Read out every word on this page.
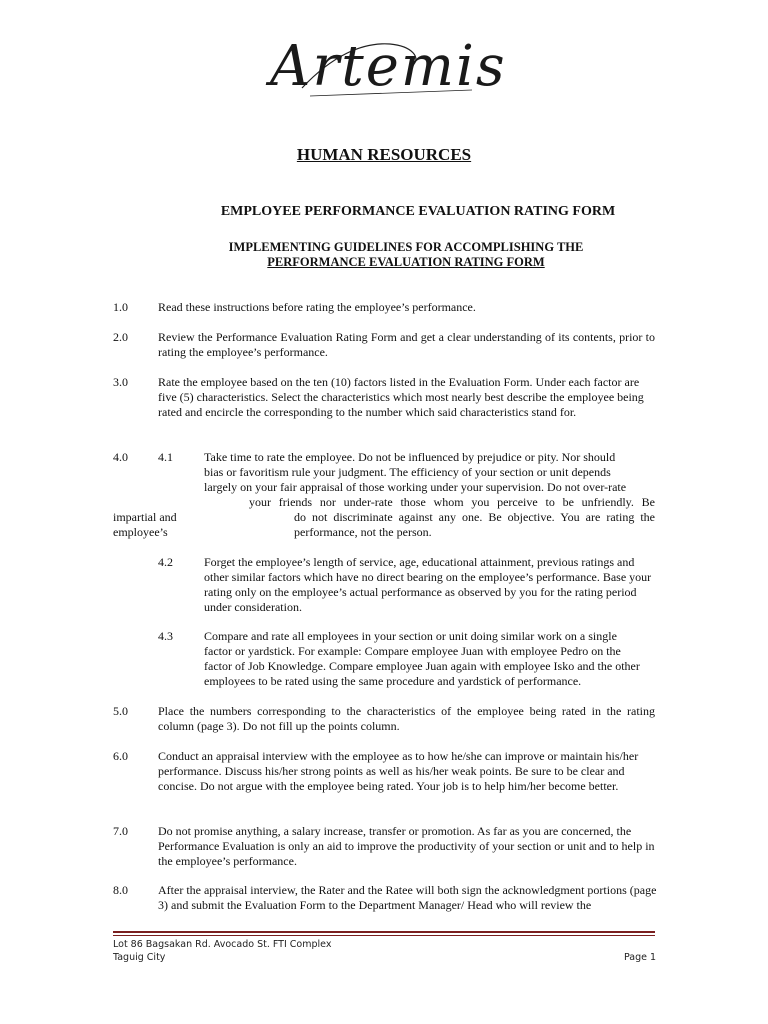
Artemis
HUMAN RESOURCES
EMPLOYEE PERFORMANCE EVALUATION RATING FORM
IMPLEMENTING GUIDELINES FOR ACCOMPLISHING THE
PERFORMANCE EVALUATION RATING FORM
1.0	Read these instructions before rating the employee’s performance.
2.0	Review the Performance Evaluation Rating Form and get a clear understanding of its contents, prior to rating the employee’s performance.
3.0	Rate the employee based on the ten (10) factors listed in the Evaluation Form. Under each factor are five (5) characteristics. Select the characteristics which most nearly best describe the employee being rated and encircle the corresponding to the number which said characteristics stand for.
4.0	4.1	Take time to rate the employee. Do not be influenced by prejudice or pity. Nor should
bias or favoritism rule your judgment. The efficiency of your section or unit depends
largely on your fair appraisal of those working under your supervision. Do not over-rate
your friends nor under-rate those whom you perceive to be unfriendly. Be
impartial and	do not discriminate against any one. Be objective. You are rating the
employee’s	performance, not the person.
4.2	Forget the employee’s length of service, age, educational attainment, previous ratings and other similar factors which have no direct bearing on the employee’s performance. Base your rating only on the employee’s actual performance as observed by you for the rating period under consideration.
4.3	Compare and rate all employees in your section or unit doing similar work on a single factor or yardstick. For example: Compare employee Juan with employee Pedro on the factor of Job Knowledge. Compare employee Juan again with employee Isko and the other employees to be rated using the same procedure and yardstick of performance.
5.0	Place the numbers corresponding to the characteristics of the employee being rated in the rating column (page 3). Do not fill up the points column.
6.0	Conduct an appraisal interview with the employee as to how he/she can improve or maintain his/her performance. Discuss his/her strong points as well as his/her weak points. Be sure to be clear and concise. Do not argue with the employee being rated. Your job is to help him/her become better.
7.0	Do not promise anything, a salary increase, transfer or promotion. As far as you are concerned, the Performance Evaluation is only an aid to improve the productivity of your section or unit and to help in the employee’s performance.
8.0	After the appraisal interview, the Rater and the Ratee will both sign the acknowledgment portions (page 3) and submit the Evaluation Form to the Department Manager/ Head who will review the
Lot 86 Bagsakan Rd. Avocado St. FTI Complex
Taguig City	Page 1
